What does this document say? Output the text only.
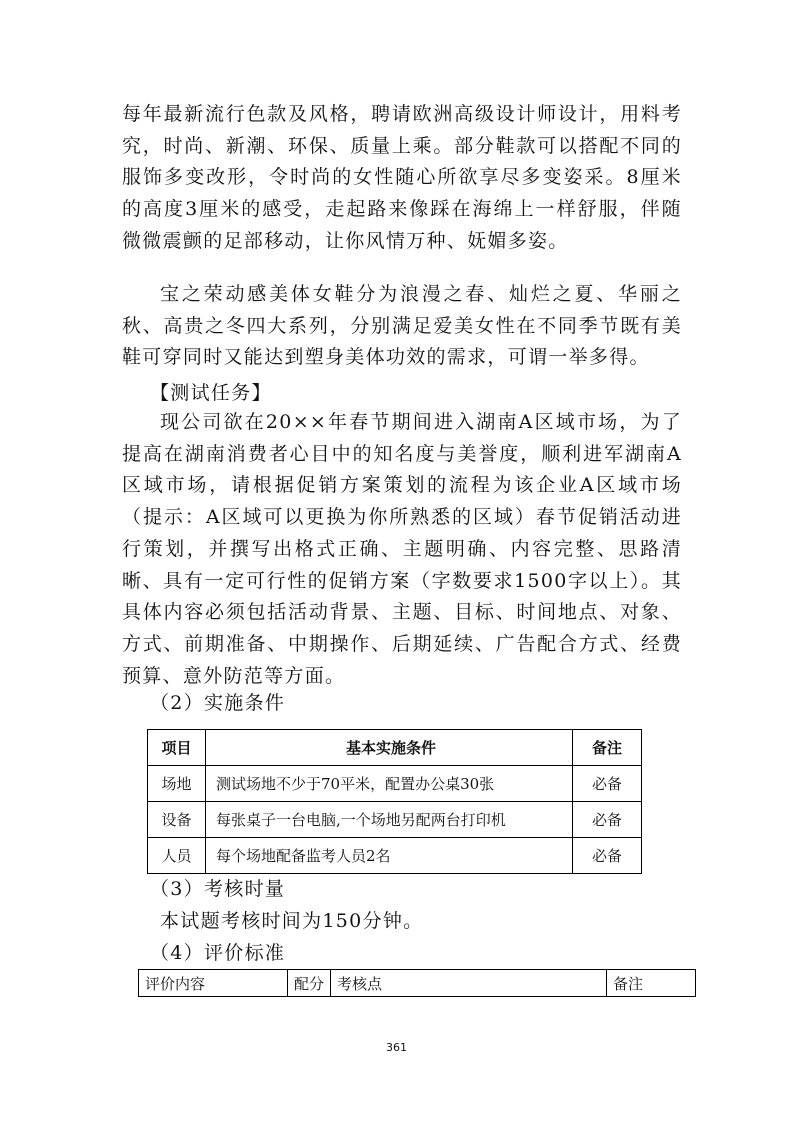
每年最新流行色款及风格，聘请欧洲高级设计师设计，用料考究，时尚、新潮、环保、质量上乘。部分鞋款可以搭配不同的服饰多变改形，令时尚的女性随心所欲享尽多变姿采。8厘米的高度3厘米的感受，走起路来像踩在海绵上一样舒服，伴随微微震颤的足部移动，让你风情万种、妩媚多姿。

宝之荣动感美体女鞋分为浪漫之春、灿烂之夏、华丽之秋、高贵之冬四大系列，分别满足爱美女性在不同季节既有美鞋可穿同时又能达到塑身美体功效的需求，可谓一举多得。

【测试任务】

现公司欲在20××年春节期间进入湖南A区域市场，为了提高在湖南消费者心目中的知名度与美誉度，顺利进军湖南A区域市场，请根据促销方案策划的流程为该企业A区域市场（提示：A区域可以更换为你所熟悉的区域）春节促销活动进行策划，并撰写出格式正确、主题明确、内容完整、思路清晰、具有一定可行性的促销方案（字数要求1500字以上）。其具体内容必须包括活动背景、主题、目标、时间地点、对象、方式、前期准备、中期操作、后期延续、广告配合方式、经费预算、意外防范等方面。

（2）实施条件

项目	基本实施条件	备注
场地	测试场地不少于70平米，配置办公桌30张	必备
设备	每张桌子一台电脑,一个场地另配两台打印机	必备
人员	每个场地配备监考人员2名	必备

（3）考核时量

本试题考核时间为150分钟。

（4）评价标准

评价内容	配分	考核点	备注
361
